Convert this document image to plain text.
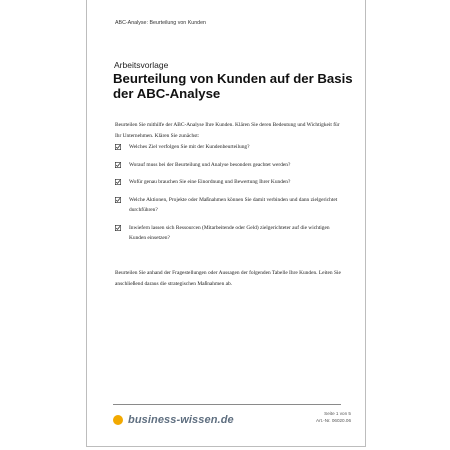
ABC-Analyse: Beurteilung von Kunden
Arbeitsvorlage
Beurteilung von Kunden auf der Basis der ABC-Analyse
Beurteilen Sie mithilfe der ABC-Analyse Ihre Kunden. Klären Sie deren Bedeutung und Wichtigkeit für Ihr Unternehmen. Klären Sie zunächst:
Welches Ziel verfolgen Sie mit der Kundenbeurteilung?
Worauf muss bei der Beurteilung und Analyse besonders geachtet werden?
Wofür genau brauchen Sie eine Einordnung und Bewertung Ihrer Kunden?
Welche Aktionen, Projekte oder Maßnahmen können Sie damit verbinden und dann zielgerichtet durchführen?
Inwiefern lassen sich Ressourcen (Mitarbeitende oder Geld) zielgerichteter auf die wichtigen Kunden einsetzen?
Beurteilen Sie anhand der Fragestellungen oder Aussagen der folgenden Tabelle Ihre Kunden. Leiten Sie anschließend daraus die strategischen Maßnahmen ab.
business-wissen.de
Seite 1 von 5
Art.-Nr. 06020.06
